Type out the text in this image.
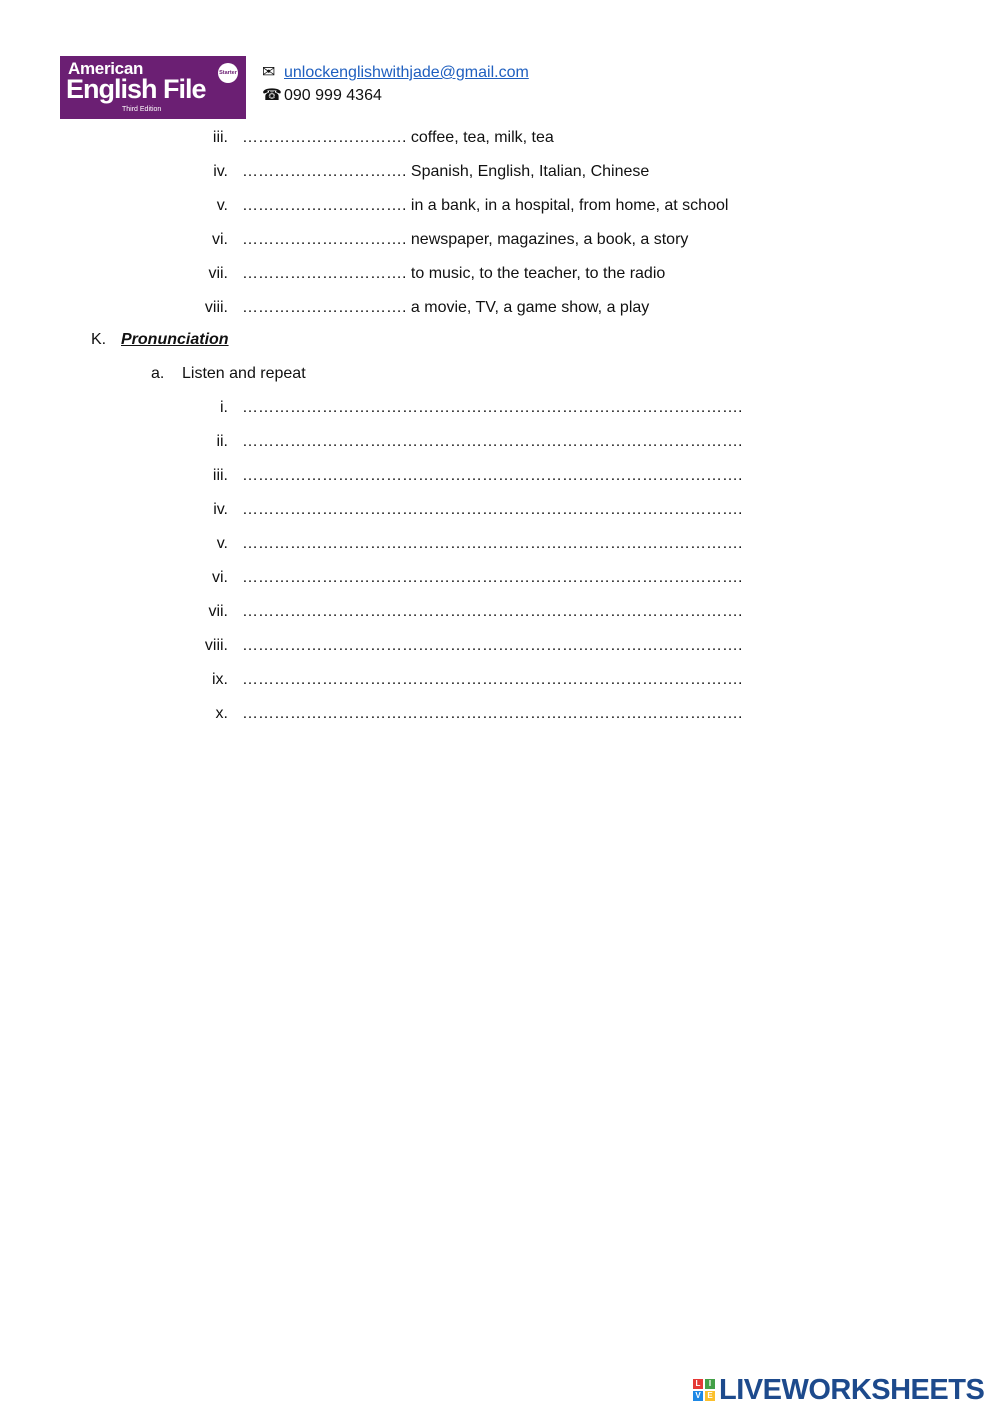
American
English File
Starter
Third Edition
✉ unlockenglishwithjade@gmail.com
☎ 090 999 4364
iii. …………………………. coffee, tea, milk, tea
iv. …………………………. Spanish, English, Italian, Chinese
v. …………………………. in a bank, in a hospital, from home, at school
vi. …………………………. newspaper, magazines, a book, a story
vii. …………………………. to music, to the teacher, to the radio
viii. …………………………. a movie, TV, a game show, a play
K. Pronunciation
a. Listen and repeat
i. ………………………………………………………………………………….
ii. ………………………………………………………………………………….
iii. ………………………………………………………………………………….
iv. ………………………………………………………………………………….
v. ………………………………………………………………………………….
vi. ………………………………………………………………………………….
vii. ………………………………………………………………………………….
viii. ………………………………………………………………………………….
ix. ………………………………………………………………………………….
x. ………………………………………………………………………………….
L	I
V E LIVEWORKSHEETS
